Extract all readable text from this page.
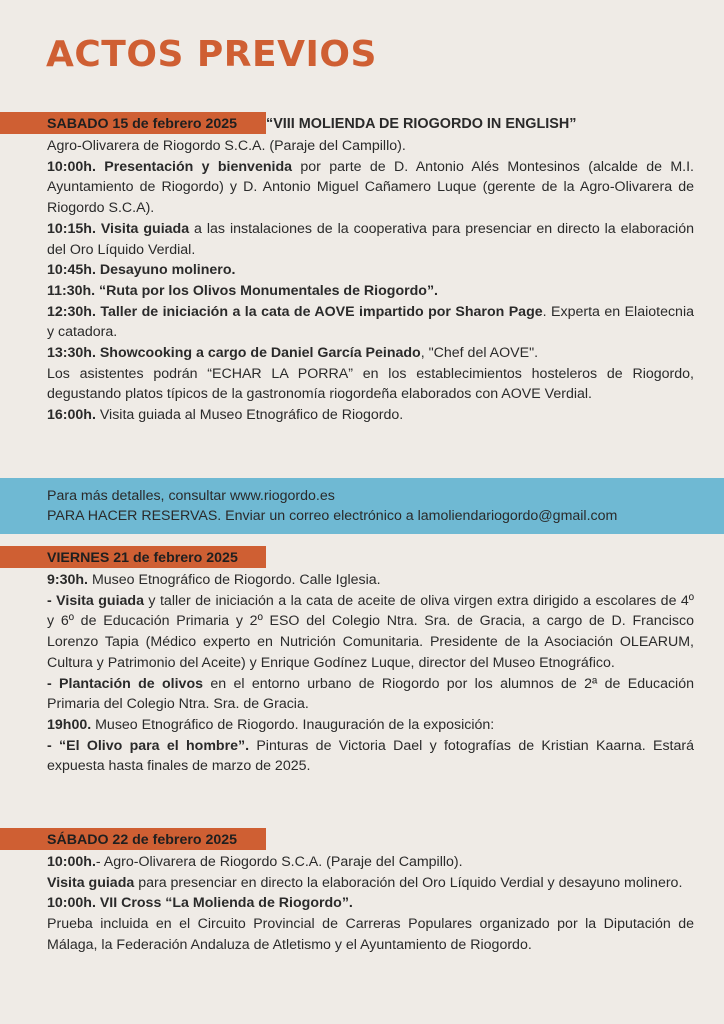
ACTOS PREVIOS
SABADO 15 de febrero 2025 “VIII MOLIENDA DE RIOGORDO IN ENGLISH”

Agro-Olivarera de Riogordo S.C.A. (Paraje del Campillo).

10:00h. Presentación y bienvenida por parte de D. Antonio Alés Montesinos (alcalde de M.I. Ayuntamiento de Riogordo) y D. Antonio Miguel Cañamero Luque (gerente de la Agro-Olivarera de Riogordo S.C.A).

10:15h. Visita guiada a las instalaciones de la cooperativa para presenciar en directo la elaboración del Oro Líquido Verdial.

10:45h. Desayuno molinero.

11:30h. “Ruta por los Olivos Monumentales de Riogordo”.

12:30h. Taller de iniciación a la cata de AOVE impartido por Sharon Page. Experta en Elaiotecnia y catadora.

13:30h. Showcooking a cargo de Daniel García Peinado, "Chef del AOVE".

Los asistentes podrán “ECHAR LA PORRA” en los establecimientos hosteleros de Riogordo, degustando platos típicos de la gastronomía riogordeña elaborados con AOVE Verdial.

16:00h. Visita guiada al Museo Etnográfico de Riogordo.

Para más detalles, consultar www.riogordo.es
PARA HACER RESERVAS. Enviar un correo electrónico a lamoliendariogordo@gmail.com
VIERNES 21 de febrero 2025

9:30h. Museo Etnográfico de Riogordo. Calle Iglesia.

- Visita guiada y taller de iniciación a la cata de aceite de oliva virgen extra dirigido a escolares de 4º y 6º de Educación Primaria y 2º ESO del Colegio Ntra. Sra. de Gracia, a cargo de D. Francisco Lorenzo Tapia (Médico experto en Nutrición Comunitaria. Presidente de la Asociación OLEARUM, Cultura y Patrimonio del Aceite) y Enrique Godínez Luque, director del Museo Etnográfico.

- Plantación de olivos en el entorno urbano de Riogordo por los alumnos de 2ª de Educación Primaria del Colegio Ntra. Sra. de Gracia.

19h00. Museo Etnográfico de Riogordo. Inauguración de la exposición:

- “El Olivo para el hombre”. Pinturas de Victoria Dael y fotografías de Kristian Kaarna. Estará expuesta hasta finales de marzo de 2025.

SÁBADO 22 de febrero 2025

10:00h.- Agro-Olivarera de Riogordo S.C.A. (Paraje del Campillo).

Visita guiada para presenciar en directo la elaboración del Oro Líquido Verdial y desayuno molinero.

10:00h. VII Cross “La Molienda de Riogordo”.

Prueba incluida en el Circuito Provincial de Carreras Populares organizado por la Diputación de Málaga, la Federación Andaluza de Atletismo y el Ayuntamiento de Riogordo.
